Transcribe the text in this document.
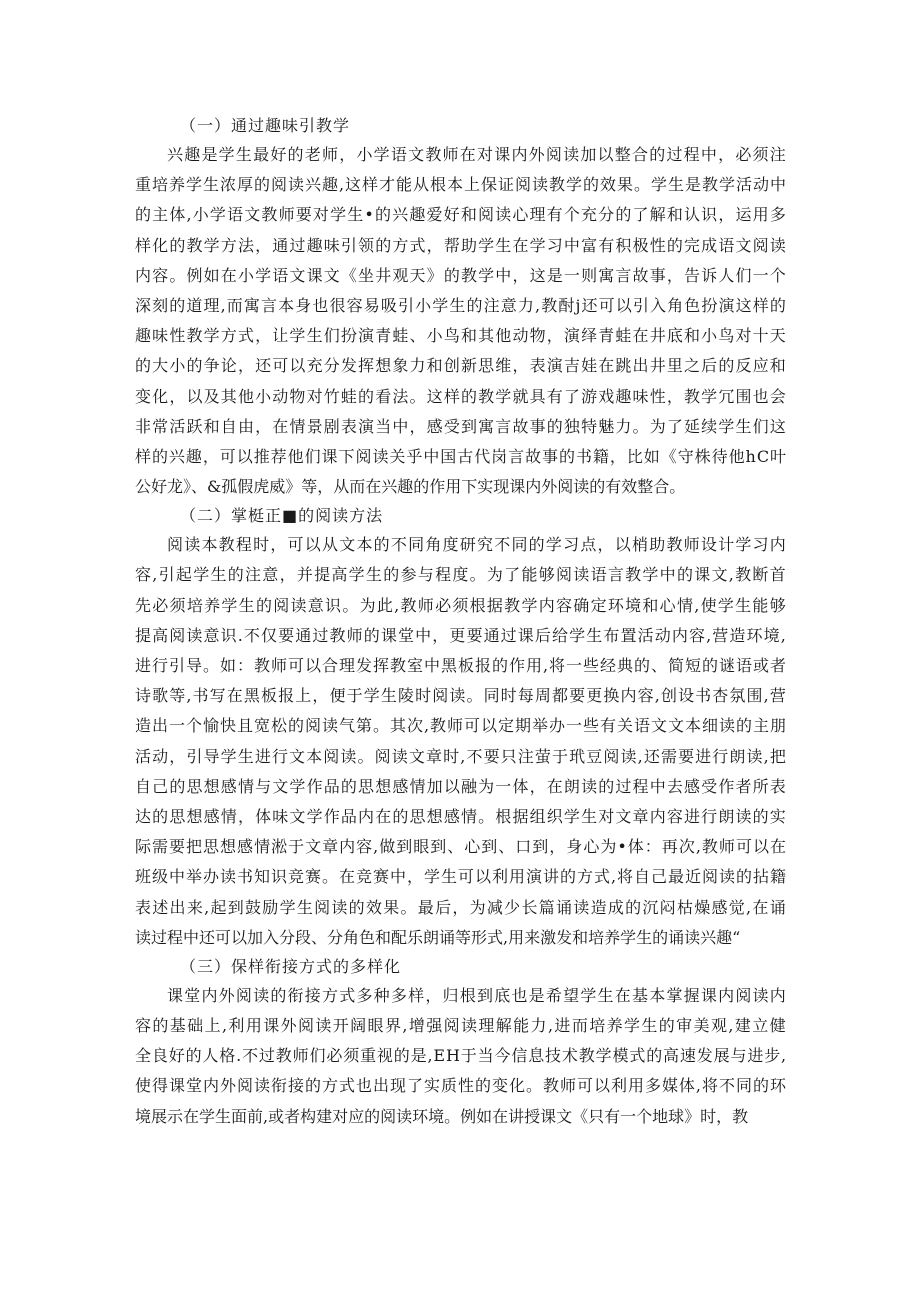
（一）通过趣味引教学
兴趣是学生最好的老师，小学语文教师在对课内外阅读加以整合的过程中，必须注
重培养学生浓厚的阅读兴趣,这样才能从根本上保证阅读教学的效果。学生是教学活动中
的主体,小学语文教师要对学生•的兴趣爱好和阅读心理有个充分的了解和认识，运用多
样化的教学方法，通过趣味引领的方式，帮助学生在学习中富有积极性的完成语文阅读
内容。例如在小学语文课文《坐井观天》的教学中，这是一则寓言故事，告诉人们一个
深刻的道理,而寓言本身也很容易吸引小学生的注意力,教酎j还可以引入角色扮演这样的
趣味性教学方式，让学生们扮演青蛙、小鸟和其他动物，演绎青蛙在井底和小鸟对十天
的大小的争论，还可以充分发挥想象力和创新思维，表演吉娃在跳出井里之后的反应和
变化，以及其他小动物对竹蛙的看法。这样的教学就具有了游戏趣味性，教学冗围也会
非常活跃和自由，在情景剧表演当中，感受到寓言故事的独特魅力。为了延续学生们这
样的兴趣，可以推荐他们课下阅读关乎中国古代岗言故事的书籍，比如《守株待他hC叶
公好龙》、&孤假虎威》等，从而在兴趣的作用下实现课内外阅读的有效整合。
（二）掌梃正■的阅读方法
阅读本教程时，可以从文本的不同角度研究不同的学习点，以梢助教师设计学习内
容,引起学生的注意，并提高学生的参与程度。为了能够阅读语言教学中的课文,教断首
先必须培养学生的阅读意识。为此,教师必须根据教学内容确定环境和心情,使学生能够
提高阅读意识.不仅要通过教师的课堂中，更要通过课后给学生布置活动内容,营造环境,
进行引导。如：教师可以合理发挥教室中黑板报的作用,将一些经典的、简短的谜语或者
诗歌等,书写在黑板报上，便于学生陵时阅读。同时每周都要更换内容,创设书杏氛围,营
造出一个愉快且宽松的阅读气第。其次,教师可以定期举办一些有关语文文本细读的主朋
活动，引导学生进行文本阅读。阅读文章时,不要只注萤于玳豆阅读,还需要进行朗读,把
自己的思想感情与文学作品的思想感情加以融为一体，在朗读的过程中去感受作者所表
达的思想感情，体味文学作品内在的思想感情。根据组织学生对文章内容进行朗读的实
际需要把思想感情淞于文章内容,做到眼到、心到、口到，身心为•体：再次,教师可以在
班级中举办读书知识竞赛。在竞赛中，学生可以利用演讲的方式,将自己最近阅读的拈籍
表述出来,起到鼓励学生阅读的效果。最后，为减少长篇诵读造成的沉闷枯燥感觉,在诵
读过程中还可以加入分段、分角色和配乐朗诵等形式,用来激发和培养学生的诵读兴趣“
（三）保样衔接方式的多样化
课堂内外阅读的衔接方式多种多样，归根到底也是希望学生在基本掌握课内阅读内
容的基础上,利用课外阅读开阔眼界,增强阅读理解能力,进而培养学生的审美观,建立健
全良好的人格.不过教师们必须重视的是,EH于当今信息技术教学模式的高速发展与进步,
使得课堂内外阅读衔接的方式也出现了实质性的变化。教师可以利用多媒体,将不同的环
境展示在学生面前,或者构建对应的阅读环境。例如在讲授课文《只有一个地球》时，教
